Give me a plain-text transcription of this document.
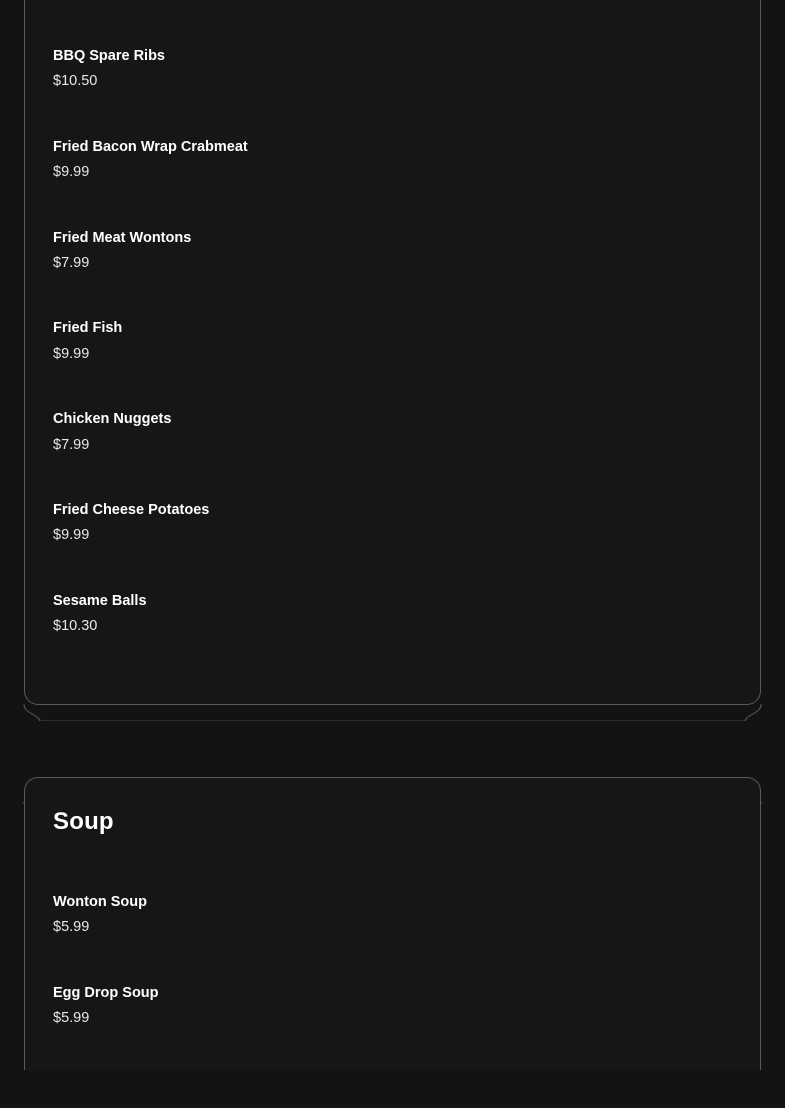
BBQ Spare Ribs

$10.50

Fried Bacon Wrap Crabmeat

$9.99

Fried Meat Wontons

$7.99

Fried Fish

$9.99

Chicken Nuggets

$7.99

Fried Cheese Potatoes

$9.99

Sesame Balls

$10.30

Soup

Wonton Soup

$5.99

Egg Drop Soup

$5.99
